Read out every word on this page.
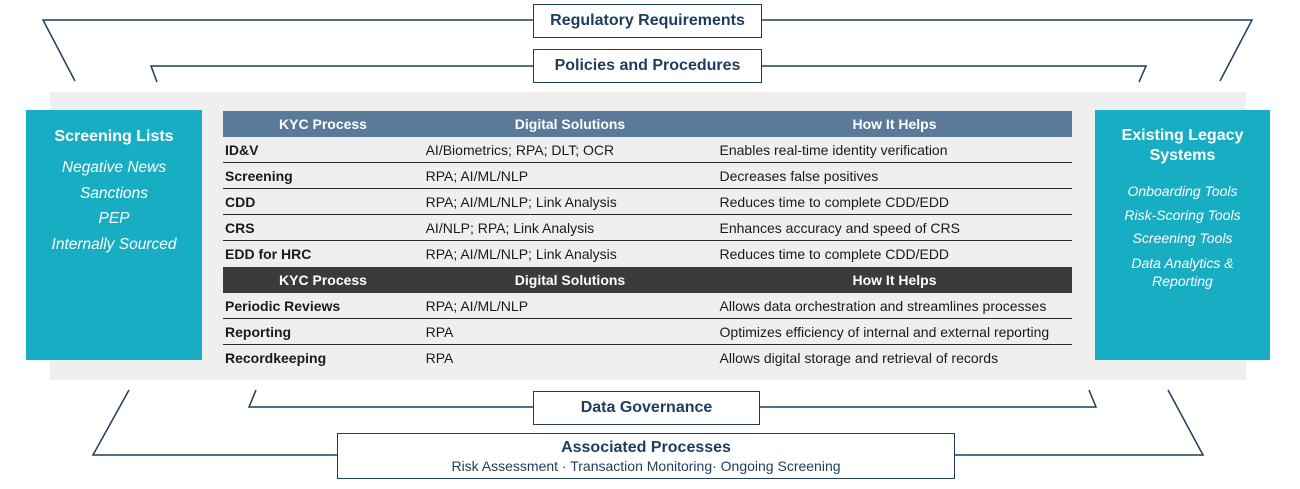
Regulatory Requirements
Policies and Procedures
Screening Lists
Negative News
Sanctions
PEP
Internally Sourced
Existing Legacy Systems
Onboarding Tools
Risk-Scoring Tools
Screening Tools
Data Analytics & Reporting
KYC Process	Digital Solutions	How It Helps
ID&V	AI/Biometrics; RPA; DLT; OCR	Enables real-time identity verification
Screening	RPA; AI/ML/NLP	Decreases false positives
CDD	RPA; AI/ML/NLP; Link Analysis	Reduces time to complete CDD/EDD
CRS	AI/NLP; RPA; Link Analysis	Enhances accuracy and speed of CRS
EDD for HRC	RPA; AI/ML/NLP; Link Analysis	Reduces time to complete CDD/EDD
KYC Process	Digital Solutions	How It Helps
Periodic Reviews	RPA; AI/ML/NLP	Allows data orchestration and streamlines processes
Reporting	RPA	Optimizes efficiency of internal and external reporting
Recordkeeping	RPA	Allows digital storage and retrieval of records
Data Governance
Associated Processes
Risk Assessment · Transaction Monitoring· Ongoing Screening
